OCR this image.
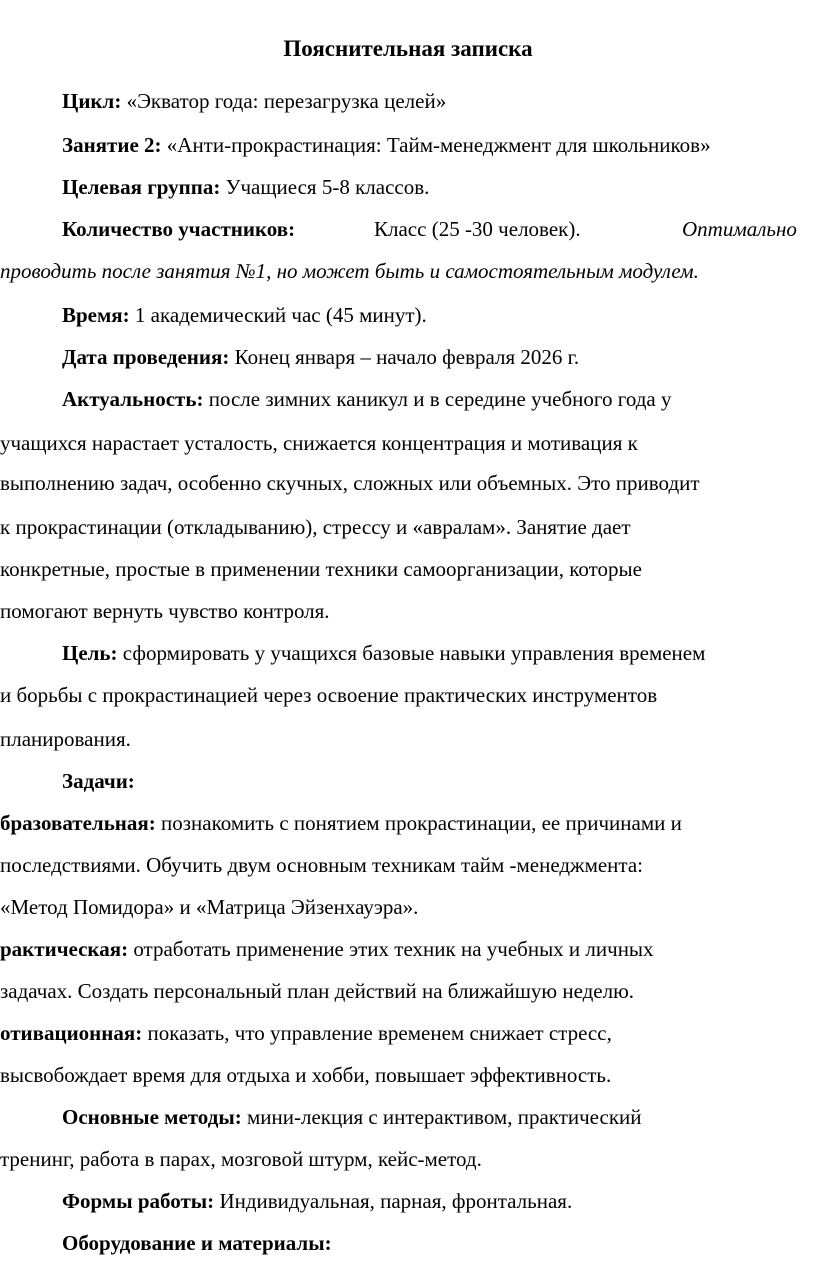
Пояснительная записка
Цикл: «Экватор года: перезагрузка целей»
Занятие 2: «Анти-прокрастинация: Тайм-менеджмент для школьников»
Целевая группа: Учащиеся 5-8 классов.
Количество участников:	Класс (25 -30 человек).	Оптимально
проводить после занятия №1, но может быть и самостоятельным модулем.
Время: 1 академический час (45 минут).
Дата проведения: Конец января – начало февраля 2026 г.
Актуальность: после зимних каникул и в середине учебного года у
учащихся нарастает усталость, снижается концентрация и мотивация к
выполнению задач, особенно скучных, сложных или объемных. Это приводит
к прокрастинации (откладыванию), стрессу и «авралам». Занятие дает
конкретные, простые в применении техники самоорганизации, которые
помогают вернуть чувство контроля.
Цель: сформировать у учащихся базовые навыки управления временем
и борьбы с прокрастинацией через освоение практических инструментов
планирования.
Задачи:
бразовательная: познакомить с понятием прокрастинации, ее причинами и
последствиями. Обучить двум основным техникам тайм -менеджмента:
«Метод Помидора» и «Матрица Эйзенхауэра».
рактическая: отработать применение этих техник на учебных и личных
задачах. Создать персональный план действий на ближайшую неделю.
отивационная: показать, что управление временем снижает стресс,
высвобождает время для отдыха и хобби, повышает эффективность.
Основные методы: мини-лекция с интерактивом, практический
тренинг, работа в парах, мозговой штурм, кейс-метод.
Формы работы: Индивидуальная, парная, фронтальная.
Оборудование и материалы:
